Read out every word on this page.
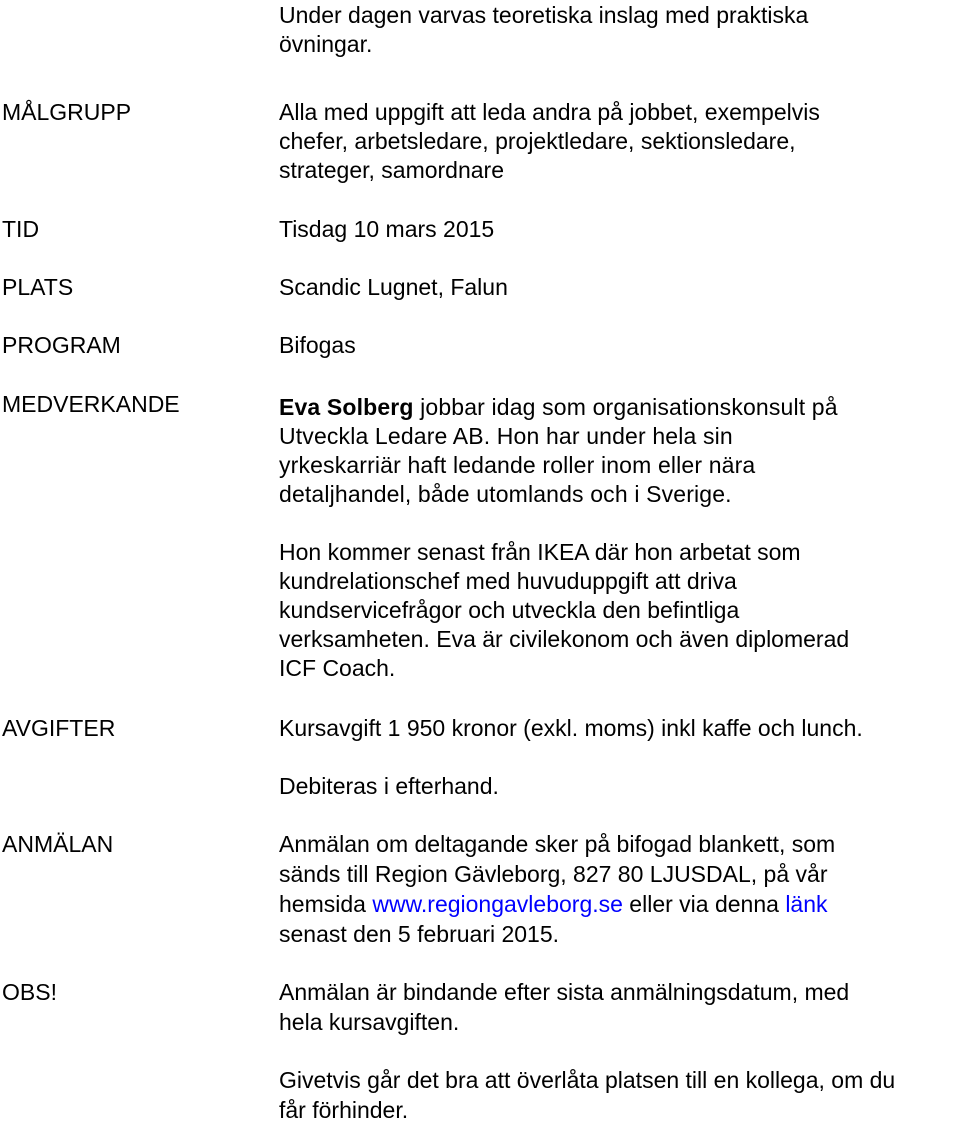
Under dagen varvas teoretiska inslag med praktiska
övningar.
MÅLGRUPP	Alla med uppgift att leda andra på jobbet, exempelvis
chefer, arbetsledare, projektledare, sektionsledare,
strateger, samordnare
TID	Tisdag 10 mars 2015
PLATS	Scandic Lugnet, Falun
PROGRAM	Bifogas
MEDVERKANDE	Eva Solberg jobbar idag som organisationskonsult på
Utveckla Ledare AB. Hon har under hela sin
yrkeskarriär haft ledande roller inom eller nära
detaljhandel, både utomlands och i Sverige.
Hon kommer senast från IKEA där hon arbetat som
kundrelationschef med huvuduppgift att driva
kundservicefrågor och utveckla den befintliga
verksamheten. Eva är civilekonom och även diplomerad
ICF Coach.
AVGIFTER	Kursavgift 1 950 kronor (exkl. moms) inkl kaffe och lunch.
Debiteras i efterhand.
ANMÄLAN	Anmälan om deltagande sker på bifogad blankett, som
sänds till Region Gävleborg, 827 80 LJUSDAL, på vår
hemsida www.regiongavleborg.se eller via denna länk
senast den 5 februari 2015.
OBS!	Anmälan är bindande efter sista anmälningsdatum, med
hela kursavgiften.
Givetvis går det bra att överlåta platsen till en kollega, om du
får förhinder.
